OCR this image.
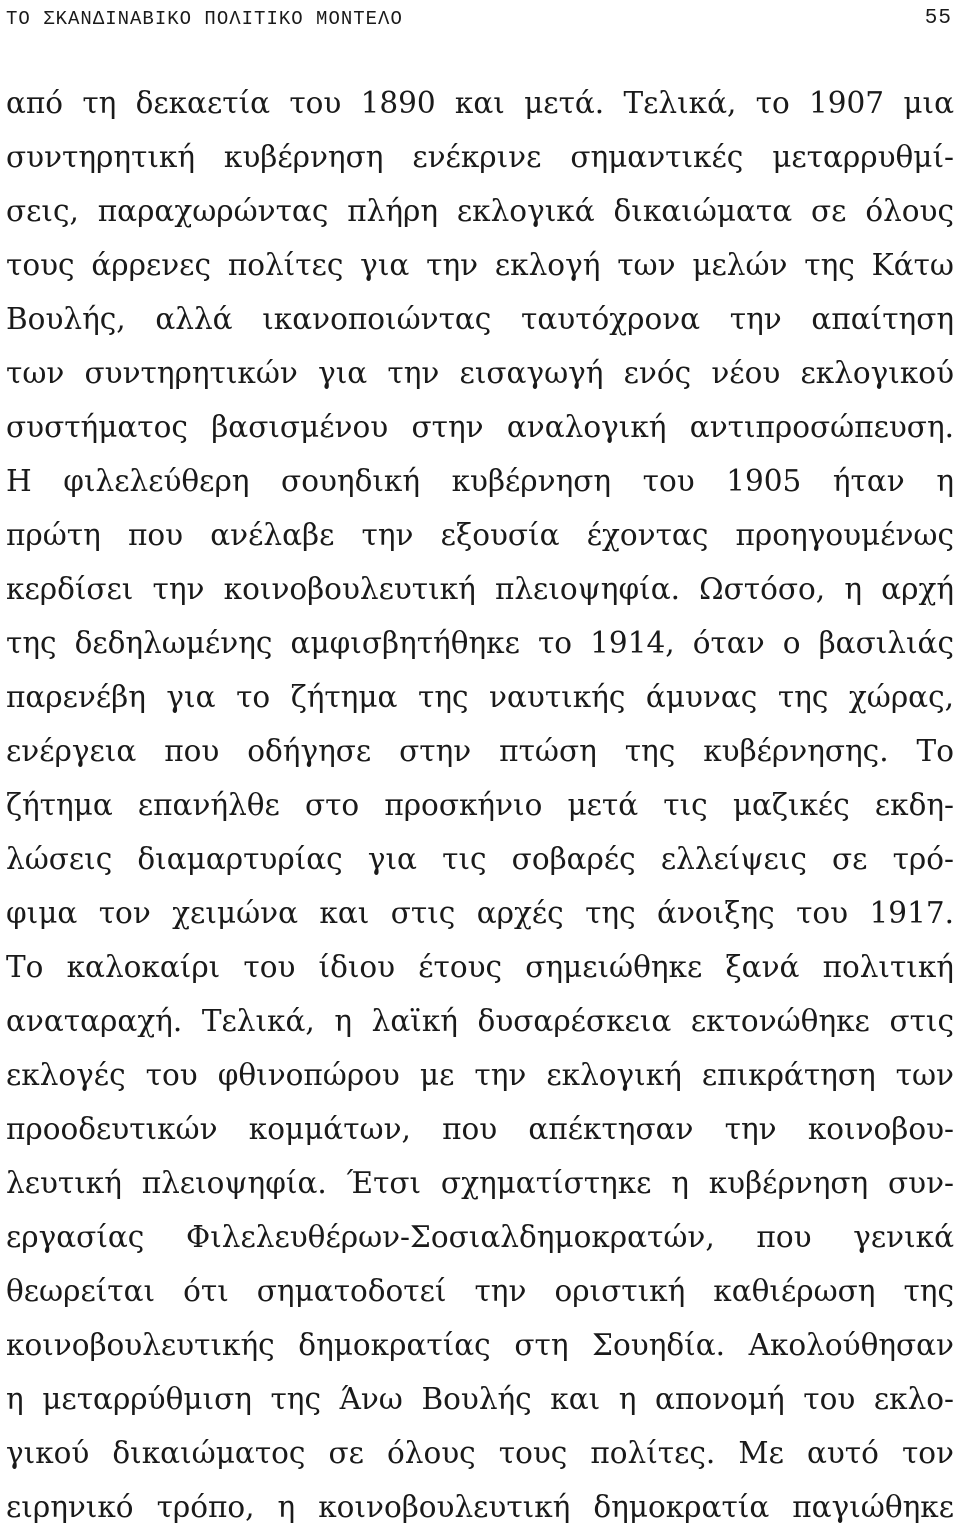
ΤΟ ΣΚΑΝΔΙΝΑΒΙΚΟ ΠΟΛΙΤΙΚΟ ΜΟΝΤΕΛΟ	55
από τη δεκαετία του 1890 και μετά. Τελικά, το 1907 μια
συντηρητική κυβέρνηση ενέκρινε σημαντικές μεταρρυθμί-
σεις, παραχωρώντας πλήρη εκλογικά δικαιώματα σε όλους
τους άρρενες πολίτες για την εκλογή των μελών της Κάτω
Βουλής, αλλά ικανοποιώντας ταυτόχρονα την απαίτηση
των συντηρητικών για την εισαγωγή ενός νέου εκλογικού
συστήματος βασισμένου στην αναλογική αντιπροσώπευση.
Η φιλελεύθερη σουηδική κυβέρνηση του 1905 ήταν η
πρώτη που ανέλαβε την εξουσία έχοντας προηγουμένως
κερδίσει την κοινοβουλευτική πλειοψηφία. Ωστόσο, η αρχή
της δεδηλωμένης αμφισβητήθηκε το 1914, όταν ο βασιλιάς
παρενέβη για το ζήτημα της ναυτικής άμυνας της χώρας,
ενέργεια που οδήγησε στην πτώση της κυβέρνησης. Το
ζήτημα επανήλθε στο προσκήνιο μετά τις μαζικές εκδη-
λώσεις διαμαρτυρίας για τις σοβαρές ελλείψεις σε τρό-
φιμα τον χειμώνα και στις αρχές της άνοιξης του 1917.
Το καλοκαίρι του ίδιου έτους σημειώθηκε ξανά πολιτική
αναταραχή. Τελικά, η λαϊκή δυσαρέσκεια εκτονώθηκε στις
εκλογές του φθινοπώρου με την εκλογική επικράτηση των
προοδευτικών κομμάτων, που απέκτησαν την κοινοβου-
λευτική πλειοψηφία. Έτσι σχηματίστηκε η κυβέρνηση συν-
εργασίας Φιλελευθέρων-Σοσιαλδημοκρατών, που γενικά
θεωρείται ότι σηματοδοτεί την οριστική καθιέρωση της
κοινοβουλευτικής δημοκρατίας στη Σουηδία. Ακολούθησαν
η μεταρρύθμιση της Άνω Βουλής και η απονομή του εκλο-
γικού δικαιώματος σε όλους τους πολίτες. Με αυτό τον
ειρηνικό τρόπο, η κοινοβουλευτική δημοκρατία παγιώθηκε
